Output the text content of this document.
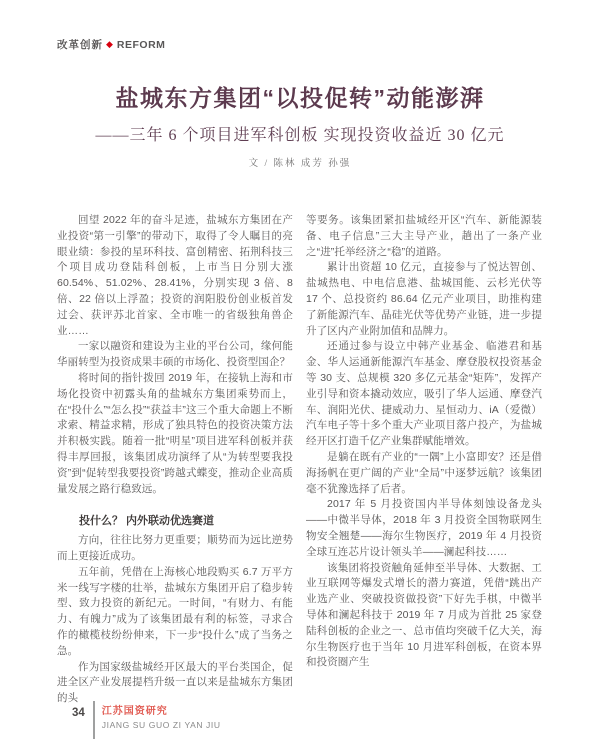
改革创新 ◆ REFORM
盐城东方集团“以投促转”动能澎湃
——三年 6 个项目进军科创板 实现投资收益近 30 亿元
文 / 陈林 成芳 孙强

回望 2022 年的奋斗足迹，盐城东方集团在产业投资“第一引擎”的带动下，取得了令人瞩目的亮眼业绩：参投的星环科技、富创精密、拓荆科技三个项目成功登陆科创板，上市当日分别大涨 60.54%、51.02%、28.41%，分别实现 3 倍、8 倍、22 倍以上浮盈；投资的润阳股份创业板首发过会、获评苏北首家、全市唯一的省级独角兽企业……

一家以融资和建设为主业的平台公司，缘何能华丽转型为投资成果丰硕的市场化、投资型国企？

将时间的指针拨回 2019 年，在接轨上海和市场化投资中初露头角的盐城东方集团乘势而上，在“投什么”“怎么投”“获益丰”这三个重大命题上不断求索、精益求精，形成了独具特色的投资决策方法并积极实践。随着一批“明星”项目进军科创板并获得丰厚回报，该集团成功演绎了从“为转型要我投资”到“促转型我要投资”跨越式蝶变，推动企业高质量发展之路行稳致远。

投什么？ 内外联动优选赛道

方向，往往比努力更重要；顺势而为远比逆势而上更接近成功。

五年前，凭借在上海核心地段购买 6.7 万平方米一线写字楼的壮举，盐城东方集团开启了稳步转型、致力投资的新纪元。一时间，“有财力、有能力、有魄力”成为了该集团最有利的标签，寻求合作的橄榄枝纷纷伸来，下一步“投什么”成了当务之急。

作为国家级盐城经开区最大的平台类国企，促进全区产业发展提档升级一直以来是盐城东方集团的头

等要务。该集团紧扣盐城经开区“汽车、新能源装备、电子信息”三大主导产业，趟出了一条产业之“进”托举经济之“稳”的道路。

累计出资超 10 亿元，直接参与了悦达智创、盐城热电、中电信息港、盐城国能、云杉光伏等 17 个、总投资约 86.64 亿元产业项目，助推构建了新能源汽车、晶硅光伏等优势产业链，进一步提升了区内产业附加值和品牌力。

还通过参与设立中韩产业基金、临港君和基金、华人运通新能源汽车基金、摩登股权投资基金等 30 支、总规模 320 多亿元基金“矩阵”，发挥产业引导和资本撬动效应，吸引了华人运通、摩登汽车、润阳光伏、捷威动力、星恒动力、iA（爱微）汽车电子等十多个重大产业项目落户投产，为盐城经开区打造千亿产业集群赋能增效。

是躺在既有产业的“一隅”上小富即安？还是借海扬帆在更广阔的产业“全局”中逐梦远航？该集团毫不犹豫选择了后者。

2017 年 5 月投资国内半导体刻蚀设备龙头——中微半导体，2018 年 3 月投资全国物联网生物安全翘楚——海尔生物医疗，2019 年 4 月投资全球互连芯片设计领头羊——澜起科技……

该集团将投资触角延伸至半导体、大数据、工业互联网等爆发式增长的潜力赛道，凭借“跳出产业选产业、突破投资做投资”下好先手棋，中微半导体和澜起科技于 2019 年 7 月成为首批 25 家登陆科创板的企业之一、总市值均突破千亿大关，海尔生物医疗也于当年 10 月进军科创板，在资本界和投资圈产生

34 江苏国资研究
JIANG SU GUO ZI YAN JIU
